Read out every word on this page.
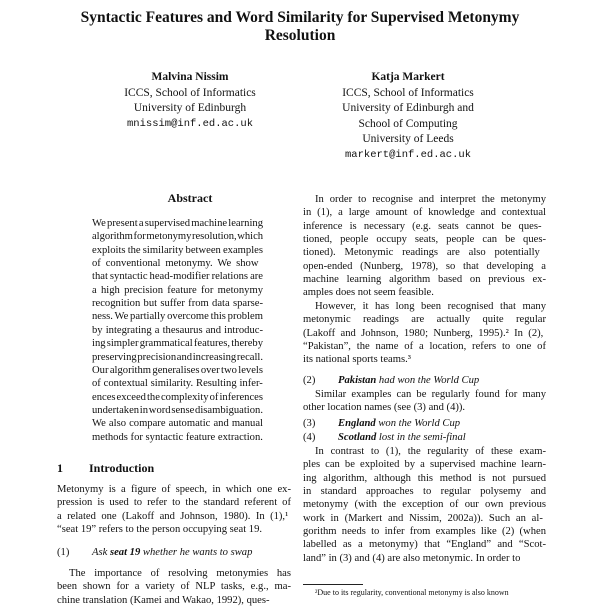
Syntactic Features and Word Similarity for Supervised Metonymy
Resolution
Malvina Nissim
ICCS, School of Informatics
University of Edinburgh
mnissim@inf.ed.ac.uk
Katja Markert
ICCS, School of Informatics
University of Edinburgh and
School of Computing
University of Leeds
markert@inf.ed.ac.uk
Abstract
1 Introduction
We present a supervised machine learning
algorithm for metonymy resolution, which
exploits the similarity between examples
of conventional metonymy. We show
that syntactic head-modifier relations are
a high precision feature for metonymy
recognition but suffer from data sparse-
ness. We partially overcome this problem
by integrating a thesaurus and introduc-
ing simpler grammatical features, thereby
preserving precision and increasing recall.
Our algorithm generalises over two levels
of contextual similarity. Resulting infer-
ences exceed the complexity of inferences
undertaken in word sense disambiguation.
We also compare automatic and manual
methods for syntactic feature extraction.
Metonymy is a figure of speech, in which one ex-
pression is used to refer to the standard referent of
a related one (Lakoff and Johnson, 1980). In (1),¹
“seat 19” refers to the person occupying seat 19.
(1) Ask seat 19 whether he wants to swap
The importance of resolving metonymies has
been shown for a variety of NLP tasks, e.g., ma-
chine translation (Kamei and Wakao, 1992), ques-
In order to recognise and interpret the metonymy
in (1), a large amount of knowledge and contextual
inference is necessary (e.g. seats cannot be ques-
tioned, people occupy seats, people can be ques-
tioned). Metonymic readings are also potentially
open-ended (Nunberg, 1978), so that developing a
machine learning algorithm based on previous ex-
amples does not seem feasible.
However, it has long been recognised that many
metonymic readings are actually quite regular
(Lakoff and Johnson, 1980; Nunberg, 1995).² In (2),
“Pakistan”, the name of a location, refers to one of
its national sports teams.³
(2) Pakistan had won the World Cup
Similar examples can be regularly found for many
other location names (see (3) and (4)).
(3) England won the World Cup
(4) Scotland lost in the semi-final
In contrast to (1), the regularity of these exam-
ples can be exploited by a supervised machine learn-
ing algorithm, although this method is not pursued
in standard approaches to regular polysemy and
metonymy (with the exception of our own previous
work in (Markert and Nissim, 2002a)). Such an al-
gorithm needs to infer from examples like (2) (when
labelled as a metonymy) that “England” and “Scot-
land” in (3) and (4) are also metonymic. In order to
²Due to its regularity, conventional metonymy is also known
